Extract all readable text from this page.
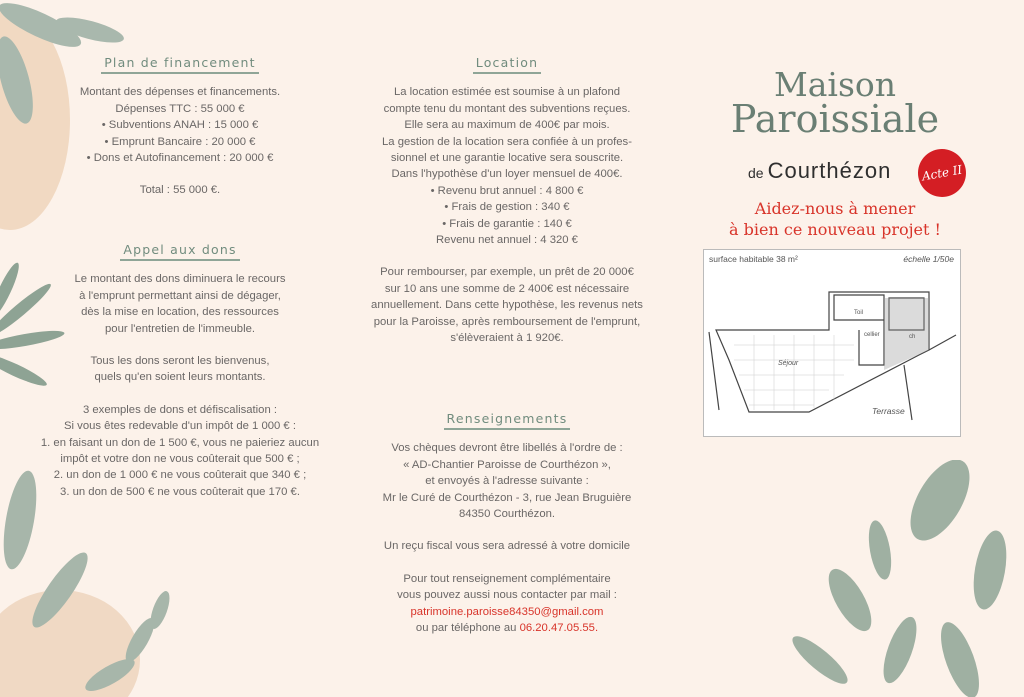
Plan de financement

Montant des dépenses et financements.
Dépenses TTC : 55 000 €
• Subventions ANAH : 15 000 €
• Emprunt Bancaire : 20 000 €
• Dons et Autofinancement : 20 000 €

Total : 55 000 €.

Appel aux dons

Le montant des dons diminuera le recours
à l'emprunt permettant ainsi de dégager,
dès la mise en location, des ressources
pour l'entretien de l'immeuble.

Tous les dons seront les bienvenus,
quels qu'en soient leurs montants.

3 exemples de dons et défiscalisation :
Si vous êtes redevable d'un impôt de 1 000 € :
1. en faisant un don de 1 500 €, vous ne paieriez aucun
impôt et votre don ne vous coûterait que 500 € ;
2. un don de 1 000 € ne vous coûterait que 340 € ;
3. un don de 500 € ne vous coûterait que 170 €.

Location

La location estimée est soumise à un plafond
compte tenu du montant des subventions reçues.
Elle sera au maximum de 400€ par mois.
La gestion de la location sera confiée à un profes-
sionnel et une garantie locative sera souscrite.
Dans l'hypothèse d'un loyer mensuel de 400€.
• Revenu brut annuel : 4 800 €
• Frais de gestion : 340 €
• Frais de garantie : 140 €
Revenu net annuel : 4 320 €

Pour rembourser, par exemple, un prêt de 20 000€
sur 10 ans une somme de 2 400€ est nécessaire
annuellement. Dans cette hypothèse, les revenus nets
pour la Paroisse, après remboursement de l'emprunt,
s'élèveraient à 1 920€.

Renseignements

Vos chèques devront être libellés à l'ordre de :
« AD-Chantier Paroisse de Courthézon »,
et envoyés à l'adresse suivante :
Mr le Curé de Courthézon - 3, rue Jean Bruguière
84350 Courthézon.

Un reçu fiscal vous sera adressé à votre domicile

Pour tout renseignement complémentaire
vous pouvez aussi nous contacter par mail :

patrimoine.paroisse84350@gmail.com
ou par téléphone au 06.20.47.05.55.
Maison
Paroissiale
de Courthézon	Acte II
Aidez-nous à mener
à bien ce nouveau projet !
surface habitable 38 m²	échelle 1/50e
Toil
cellier	ch
Séjour
Terrasse
